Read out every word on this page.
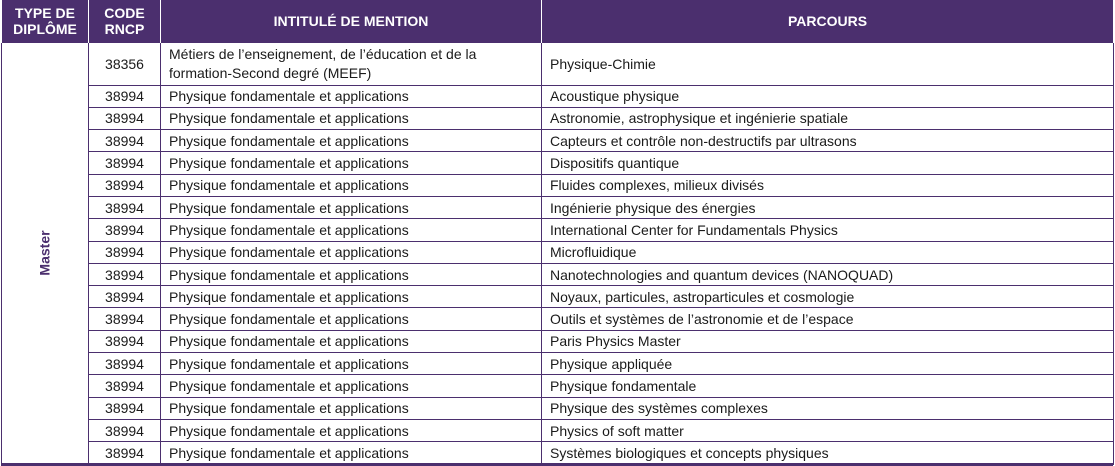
TYPE DE DIPLÔME	CODE RNCP	INTITULÉ DE MENTION	PARCOURS
Master	38356	Métiers de l’enseignement, de l’éducation et de la formation-Second degré (MEEF)	Physique-Chimie
	38994	Physique fondamentale et applications	Acoustique physique
	38994	Physique fondamentale et applications	Astronomie, astrophysique et ingénierie spatiale
	38994	Physique fondamentale et applications	Capteurs et contrôle non-destructifs par ultrasons
	38994	Physique fondamentale et applications	Dispositifs quantique
	38994	Physique fondamentale et applications	Fluides complexes, milieux divisés
	38994	Physique fondamentale et applications	Ingénierie physique des énergies
	38994	Physique fondamentale et applications	International Center for Fundamentals Physics
	38994	Physique fondamentale et applications	Microfluidique
	38994	Physique fondamentale et applications	Nanotechnologies and quantum devices (NANOQUAD)
	38994	Physique fondamentale et applications	Noyaux, particules, astroparticules et cosmologie
	38994	Physique fondamentale et applications	Outils et systèmes de l’astronomie et de l’espace
	38994	Physique fondamentale et applications	Paris Physics Master
	38994	Physique fondamentale et applications	Physique appliquée
	38994	Physique fondamentale et applications	Physique fondamentale
	38994	Physique fondamentale et applications	Physique des systèmes complexes
	38994	Physique fondamentale et applications	Physics of soft matter
	38994	Physique fondamentale et applications	Systèmes biologiques et concepts physiques
